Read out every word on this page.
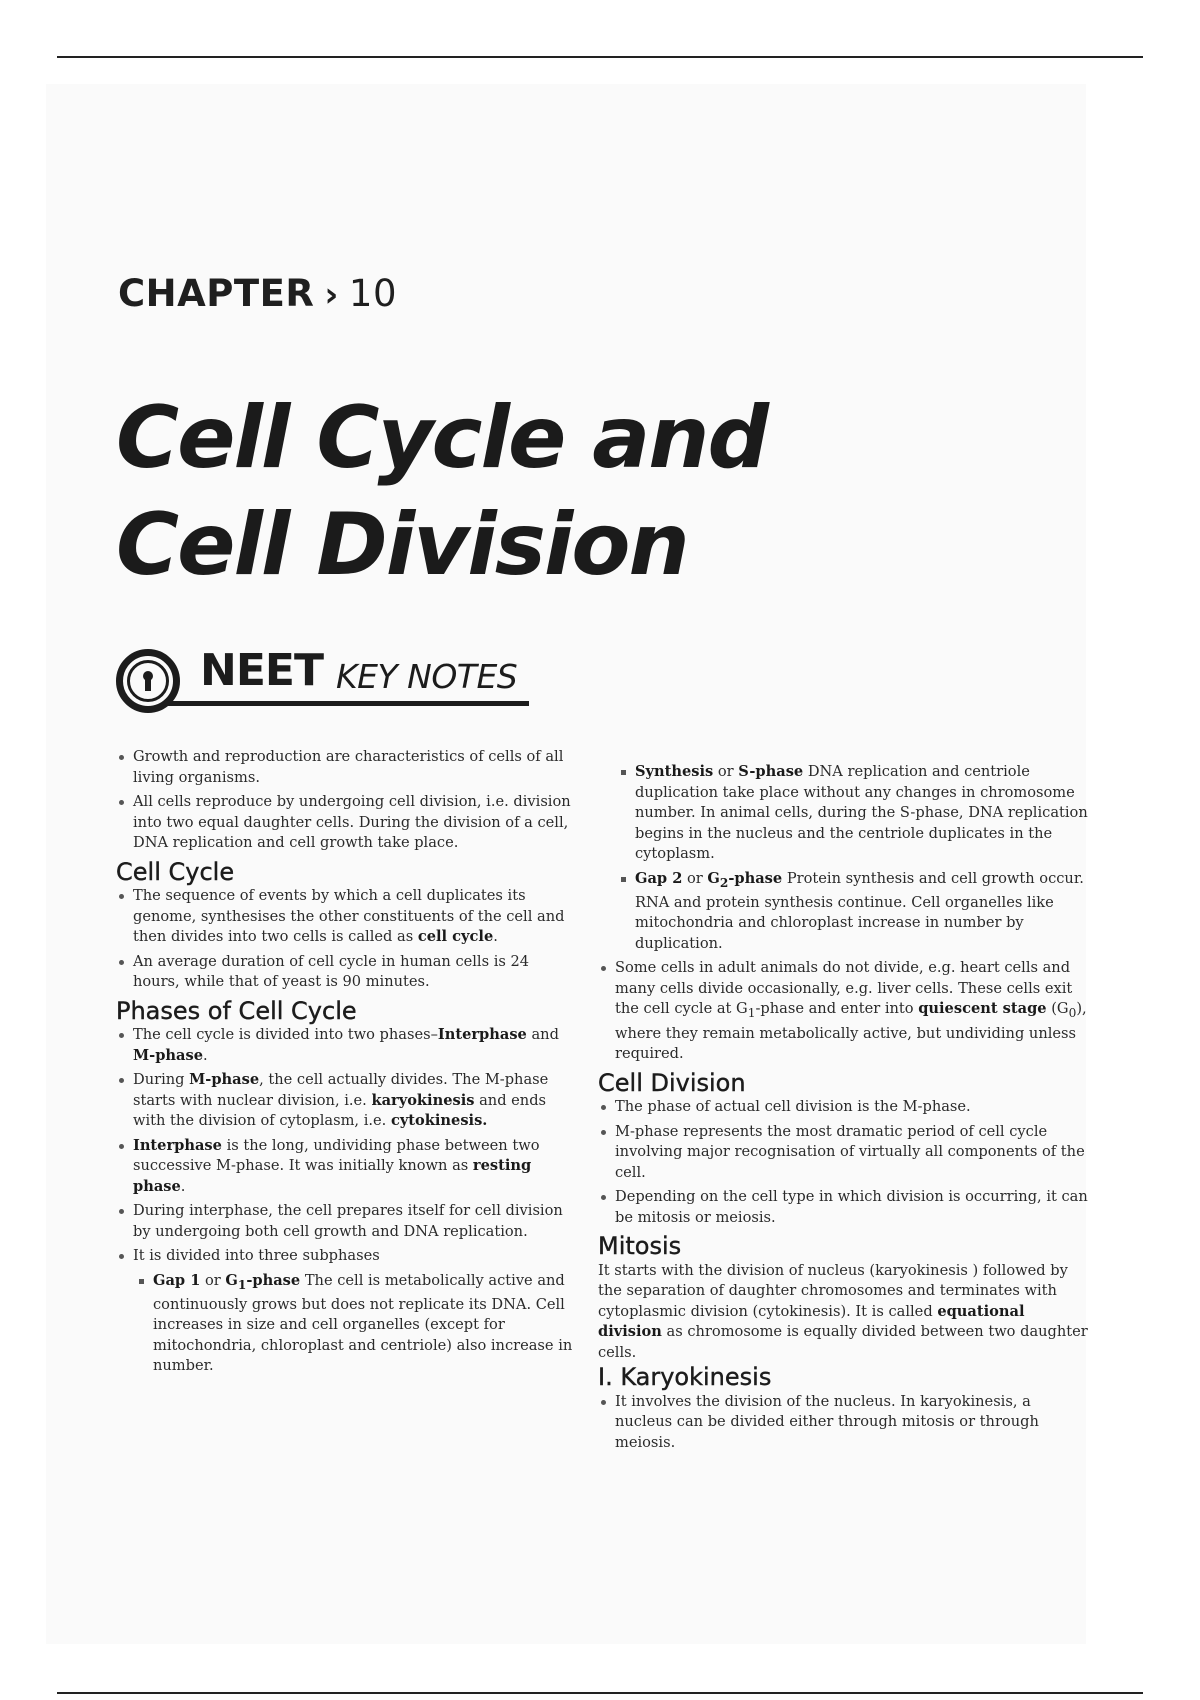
CHAPTER › 10
Cell Cycle and
Cell Division
NEET KEY NOTES
Growth and reproduction are characteristics of cells of all living organisms.
All cells reproduce by undergoing cell division, i.e. division into two equal daughter cells. During the division of a cell, DNA replication and cell growth take place.
Cell Cycle
The sequence of events by which a cell duplicates its genome, synthesises the other constituents of the cell and then divides into two cells is called as cell cycle.
An average duration of cell cycle in human cells is 24 hours, while that of yeast is 90 minutes.
Phases of Cell Cycle
The cell cycle is divided into two phases–Interphase and M-phase.
During M-phase, the cell actually divides. The M-phase starts with nuclear division, i.e. karyokinesis and ends with the division of cytoplasm, i.e. cytokinesis.
Interphase is the long, undividing phase between two successive M-phase. It was initially known as resting phase.
During interphase, the cell prepares itself for cell division by undergoing both cell growth and DNA replication.
It is divided into three subphases
Gap 1 or $G_1$-phase The cell is metabolically active and continuously grows but does not replicate its DNA. Cell increases in size and cell organelles (except for mitochondria, chloroplast and centriole) also increase in number.
Synthesis or S-phase DNA replication and centriole duplication take place without any changes in chromosome number. In animal cells, during the S-phase, DNA replication begins in the nucleus and the centriole duplicates in the cytoplasm.
Gap 2 or $G_2$-phase Protein synthesis and cell growth occur. RNA and protein synthesis continue. Cell organelles like mitochondria and chloroplast increase in number by duplication.
Some cells in adult animals do not divide, e.g. heart cells and many cells divide occasionally, e.g. liver cells. These cells exit the cell cycle at $G_1$-phase and enter into quiescent stage $(G_0)$, where they remain metabolically active, but undividing unless required.
Cell Division
The phase of actual cell division is the M-phase.
M-phase represents the most dramatic period of cell cycle involving major recognisation of virtually all components of the cell.
Depending on the cell type in which division is occurring, it can be mitosis or meiosis.
Mitosis

It starts with the division of nucleus (karyokinesis ) followed by the separation of daughter chromosomes and terminates with cytoplasmic division (cytokinesis). It is called equational division as chromosome is equally divided between two daughter cells.

I. Karyokinesis
It involves the division of the nucleus. In karyokinesis, a nucleus can be divided either through mitosis or through meiosis.
